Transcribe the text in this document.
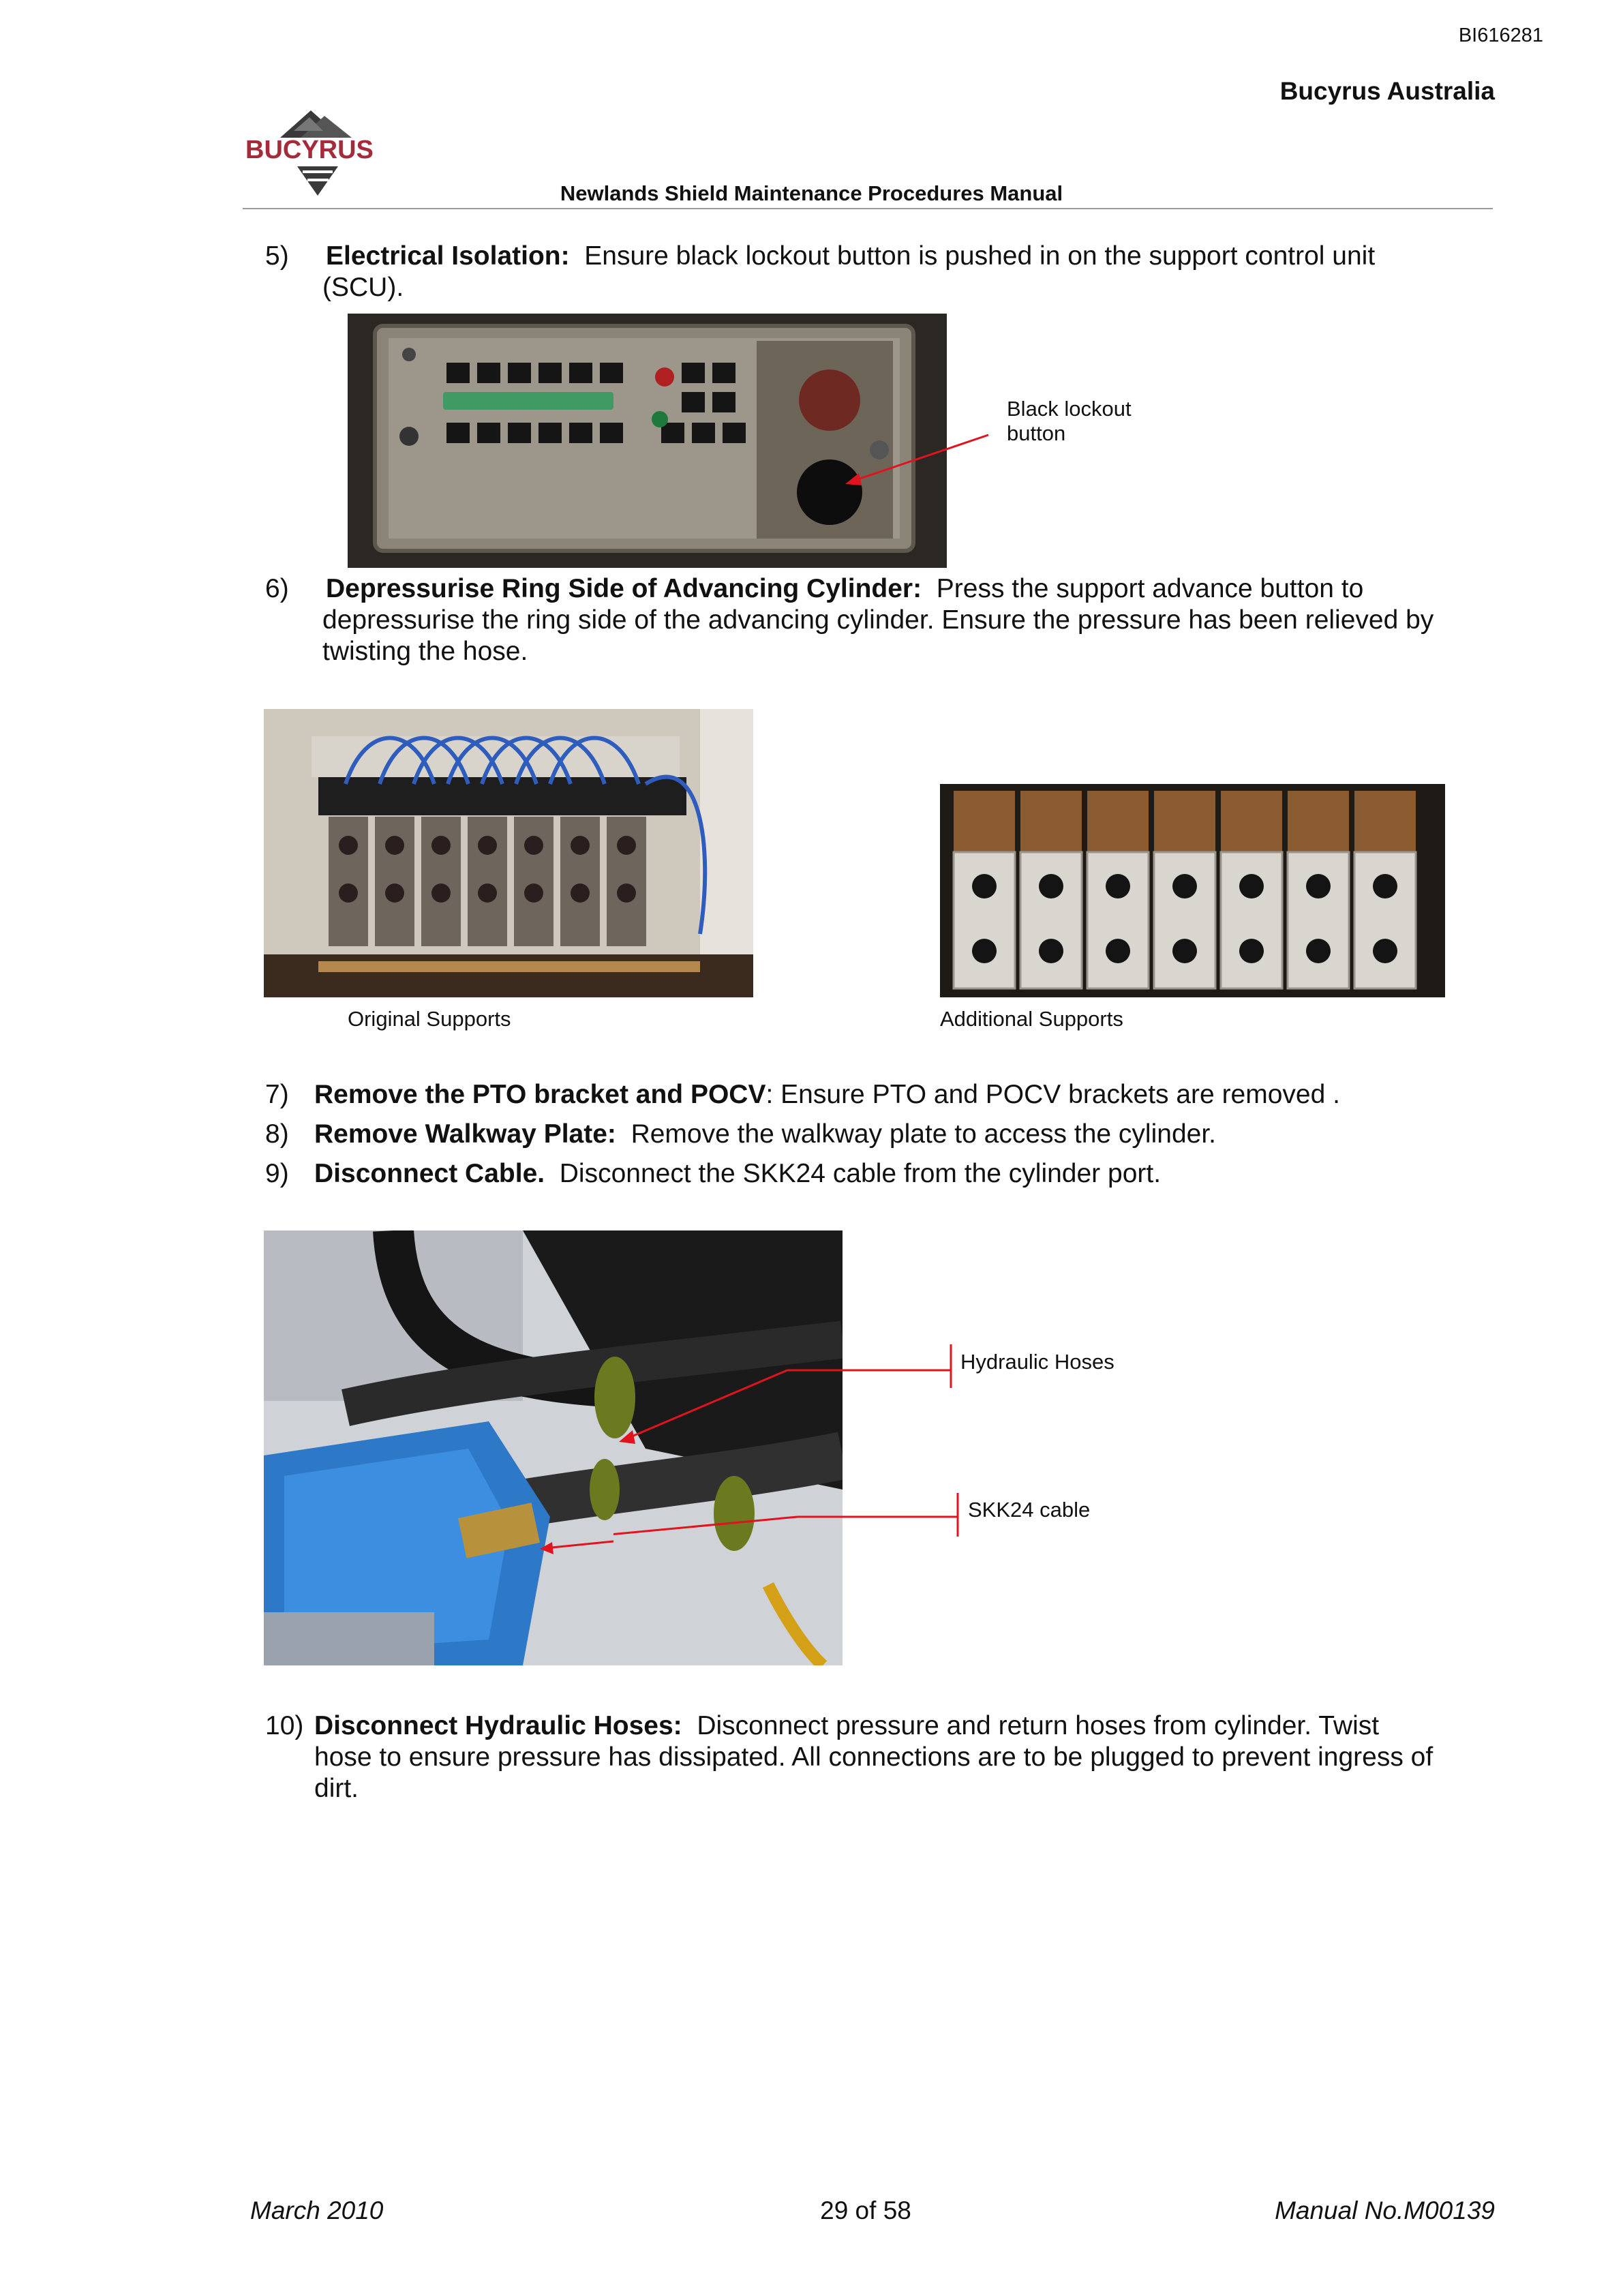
BI616281
Bucyrus Australia
BUCYRUS
Newlands Shield Maintenance Procedures Manual
5) Electrical Isolation: Ensure black lockout button is pushed in on the support control unit
(SCU).
Black lockout
button
6) Depressurise Ring Side of Advancing Cylinder: Press the support advance button to
depressurise the ring side of the advancing cylinder. Ensure the pressure has been relieved by
twisting the hose.
Original Supports	Additional Supports
7) Remove the PTO bracket and POCV: Ensure PTO and POCV brackets are removed .
8) Remove Walkway Plate: Remove the walkway plate to access the cylinder.
9) Disconnect Cable. Disconnect the SKK24 cable from the cylinder port.
Hydraulic Hoses
SKK24 cable
10) Disconnect Hydraulic Hoses: Disconnect pressure and return hoses from cylinder. Twist
hose to ensure pressure has dissipated. All connections are to be plugged to prevent ingress of
dirt.
March 2010	29 of 58	Manual No.M00139
